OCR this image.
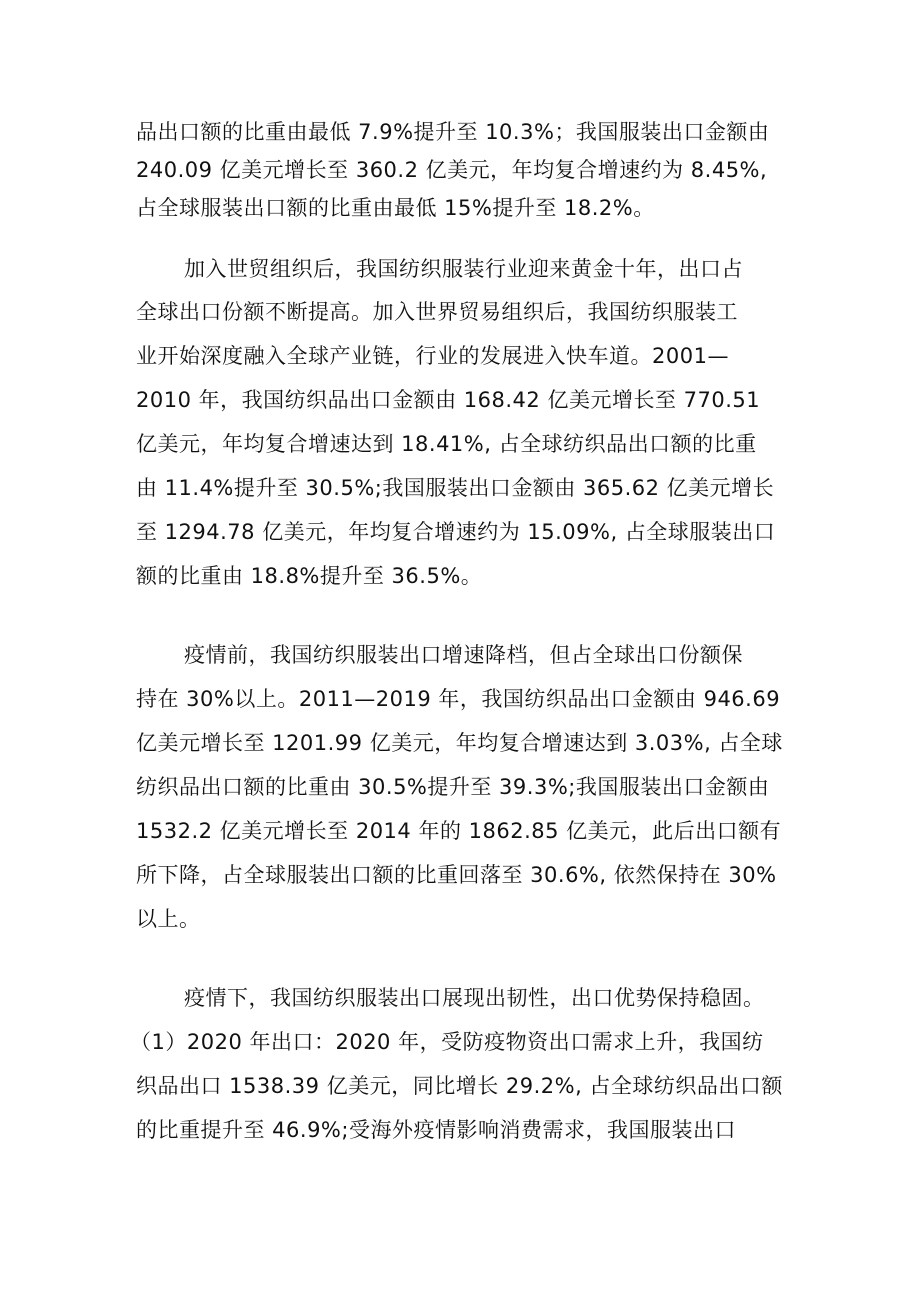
品出口额的比重由最低 7.9%提升至 10.3%；我国服装出口金额由
240.09 亿美元增长至 360.2 亿美元，年均复合增速约为 8.45%,
占全球服装出口额的比重由最低 15%提升至 18.2%。
加入世贸组织后，我国纺织服装行业迎来黄金十年，出口占
全球出口份额不断提高。加入世界贸易组织后，我国纺织服装工
业开始深度融入全球产业链，行业的发展进入快车道。2001—
2010 年，我国纺织品出口金额由 168.42 亿美元增长至 770.51
亿美元，年均复合增速达到 18.41%, 占全球纺织品出口额的比重
由 11.4%提升至 30.5%;我国服装出口金额由 365.62 亿美元增长
至 1294.78 亿美元，年均复合增速约为 15.09%, 占全球服装出口
额的比重由 18.8%提升至 36.5%。
疫情前，我国纺织服装出口增速降档，但占全球出口份额保
持在 30%以上。2011—2019 年，我国纺织品出口金额由 946.69
亿美元增长至 1201.99 亿美元，年均复合增速达到 3.03%, 占全球
纺织品出口额的比重由 30.5%提升至 39.3%;我国服装出口金额由
1532.2 亿美元增长至 2014 年的 1862.85 亿美元，此后出口额有
所下降，占全球服装出口额的比重回落至 30.6%, 依然保持在 30%
以上。
疫情下，我国纺织服装出口展现出韧性，出口优势保持稳固。
（1）2020 年出口：2020 年，受防疫物资出口需求上升，我国纺
织品出口 1538.39 亿美元，同比增长 29.2%, 占全球纺织品出口额
的比重提升至 46.9%;受海外疫情影响消费需求，我国服装出口
